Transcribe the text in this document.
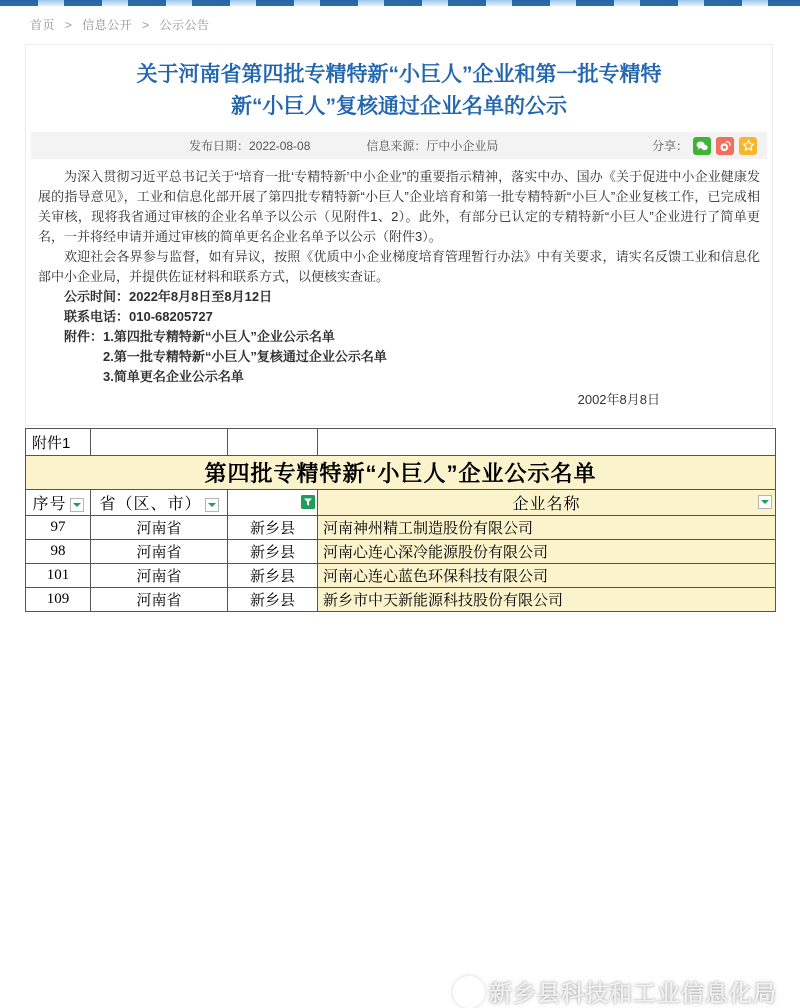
首页 > 信息公开 > 公示公告
关于河南省第四批专精特新“小巨人”企业和第一批专精特
新“小巨人”复核通过企业名单的公示
发布日期：2022-08-08	信息来源：厅中小企业局	分享：

为深入贯彻习近平总书记关于“培育一批‘专精特新’中小企业”的重要指示精神，落实中办、国办《关于促进中小企业健康发展的指导意见》，工业和信息化部开展了第四批专精特新“小巨人”企业培育和第一批专精特新“小巨人”企业复核工作，已完成相关审核，现将我省通过审核的企业名单予以公示（见附件1、2）。此外，有部分已认定的专精特新“小巨人”企业进行了简单更名，一并将经申请并通过审核的简单更名企业名单予以公示（附件3）。

欢迎社会各界参与监督，如有异议，按照《优质中小企业梯度培育管理暂行办法》中有关要求，请实名反馈工业和信息化部中小企业局，并提供佐证材料和联系方式，以便核实查证。

公示时间：2022年8月8日至8月12日

联系电话：010-68205727

附件：1.第四批专精特新“小巨人”企业公示名单

2.第一批专精特新“小巨人”复核通过企业公示名单

3.简单更名企业公示名单

2002年8月8日

附件1			
第四批专精特新“小巨人”企业公示名单			
序号	省（区、市）		企业名称

97	河南省	新乡县	河南神州精工制造股份有限公司
98	河南省	新乡县	河南心连心深冷能源股份有限公司
101	河南省	新乡县	河南心连心蓝色环保科技有限公司
109	河南省	新乡县	新乡市中天新能源科技股份有限公司
新乡县科技和工业信息化局
